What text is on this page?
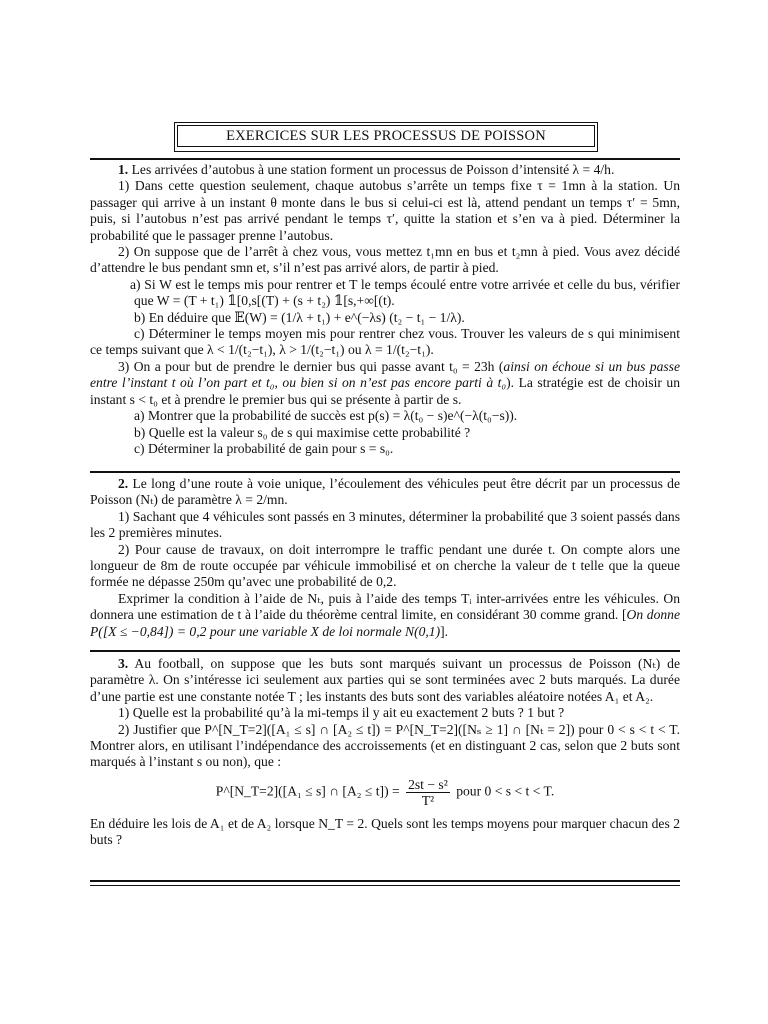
EXERCICES SUR LES PROCESSUS DE POISSON

1. Les arrivées d’autobus à une station forment un processus de Poisson d’intensité λ = 4/h.

1) Dans cette question seulement, chaque autobus s’arrête un temps fixe τ = 1mn à la station. Un passager qui arrive à un instant θ monte dans le bus si celui-ci est là, attend pendant un temps τ′ = 5mn, puis, si l’autobus n’est pas arrivé pendant le temps τ′, quitte la station et s’en va à pied. Déterminer la probabilité que le passager prenne l’autobus.

2) On suppose que de l’arrêt à chez vous, vous mettez t₁mn en bus et t₂mn à pied. Vous avez décidé d’attendre le bus pendant smn et, s’il n’est pas arrivé alors, de partir à pied.

a) Si W est le temps mis pour rentrer et T le temps écoulé entre votre arrivée et celle du bus, vérifier que W = (T + t₁) 𝟙[0,s[(T) + (s + t₂) 𝟙[s,+∞[(t).

b) En déduire que 𝔼(W) = (1/λ + t₁) + e^(−λs) (t₂ − t₁ − 1/λ).

c) Déterminer le temps moyen mis pour rentrer chez vous. Trouver les valeurs de s qui minimisent ce temps suivant que λ < 1/(t₂−t₁), λ > 1/(t₂−t₁) ou λ = 1/(t₂−t₁).

3) On a pour but de prendre le dernier bus qui passe avant t₀ = 23h (ainsi on échoue si un bus passe entre l’instant t où l’on part et t₀, ou bien si on n’est pas encore parti à t₀). La stratégie est de choisir un instant s < t₀ et à prendre le premier bus qui se présente à partir de s.

a) Montrer que la probabilité de succès est p(s) = λ(t₀ − s)e^(−λ(t₀−s)).

b) Quelle est la valeur s₀ de s qui maximise cette probabilité ?

c) Déterminer la probabilité de gain pour s = s₀.

2. Le long d’une route à voie unique, l’écoulement des véhicules peut être décrit par un processus de Poisson (Nₜ) de paramètre λ = 2/mn.

1) Sachant que 4 véhicules sont passés en 3 minutes, déterminer la probabilité que 3 soient passés dans les 2 premières minutes.

2) Pour cause de travaux, on doit interrompre le traffic pendant une durée t. On compte alors une longueur de 8m de route occupée par véhicule immobilisé et on cherche la valeur de t telle que la queue formée ne dépasse 250m qu’avec une probabilité de 0,2.

Exprimer la condition à l’aide de Nₜ, puis à l’aide des temps Tᵢ inter-arrivées entre les véhicules. On donnera une estimation de t à l’aide du théorème central limite, en considérant 30 comme grand. [On donne P([X ≤ −0,84]) = 0,2 pour une variable X de loi normale N(0,1)].

3. Au football, on suppose que les buts sont marqués suivant un processus de Poisson (Nₜ) de paramètre λ. On s’intéresse ici seulement aux parties qui se sont terminées avec 2 buts marqués. La durée d’une partie est une constante notée T ; les instants des buts sont des variables aléatoire notées A₁ et A₂.

1) Quelle est la probabilité qu’à la mi-temps il y ait eu exactement 2 buts ? 1 but ?

2) Justifier que P^[N_T=2]([A₁ ≤ s] ∩ [A₂ ≤ t]) = P^[N_T=2]([Nₛ ≥ 1] ∩ [Nₜ = 2]) pour 0 < s < t < T. Montrer alors, en utilisant l’indépendance des accroissements (et en distinguant 2 cas, selon que 2 buts sont marqués à l’instant s ou non), que :

P^[N_T=2]([A₁ ≤ s] ∩ $[A_2 \le t]) = \frac{\text{2st − s²}}{\text{T²}}$ pour 0 < s < t < T.

En déduire les lois de A₁ et de A₂ lorsque N_T = 2. Quels sont les temps moyens pour marquer chacun des 2 buts ?
